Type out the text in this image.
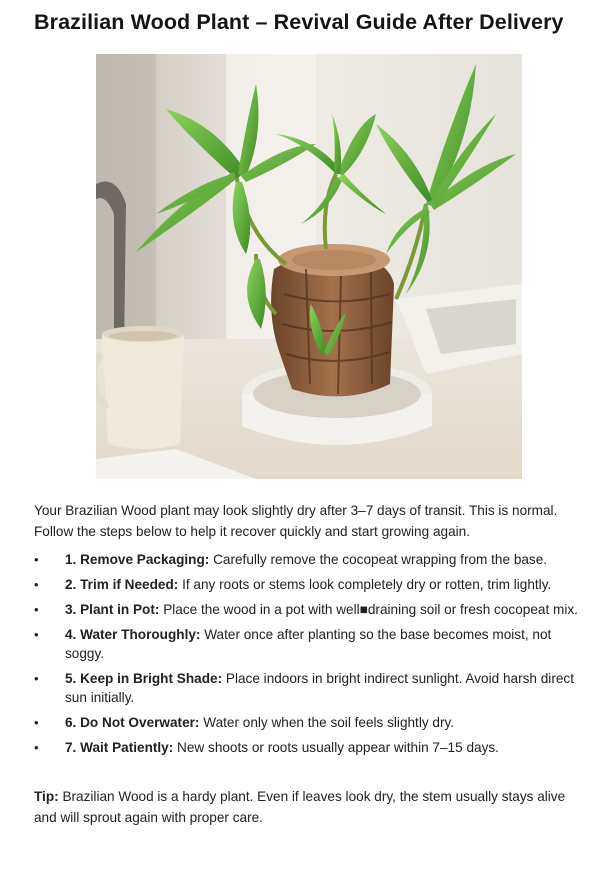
Brazilian Wood Plant – Revival Guide After Delivery
Your Brazilian Wood plant may look slightly dry after 3–7 days of transit. This is normal. Follow the steps below to help it recover quickly and start growing again.
• 1. Remove Packaging: Carefully remove the cocopeat wrapping from the base.
• 2. Trim if Needed: If any roots or stems look completely dry or rotten, trim lightly.
• 3. Plant in Pot: Place the wood in a pot with well■draining soil or fresh cocopeat mix.
• 4. Water Thoroughly: Water once after planting so the base becomes moist, not soggy.
• 5. Keep in Bright Shade: Place indoors in bright indirect sunlight. Avoid harsh direct sun initially.
• 6. Do Not Overwater: Water only when the soil feels slightly dry.
• 7. Wait Patiently: New shoots or roots usually appear within 7–15 days.
Tip: Brazilian Wood is a hardy plant. Even if leaves look dry, the stem usually stays alive and will sprout again with proper care.
